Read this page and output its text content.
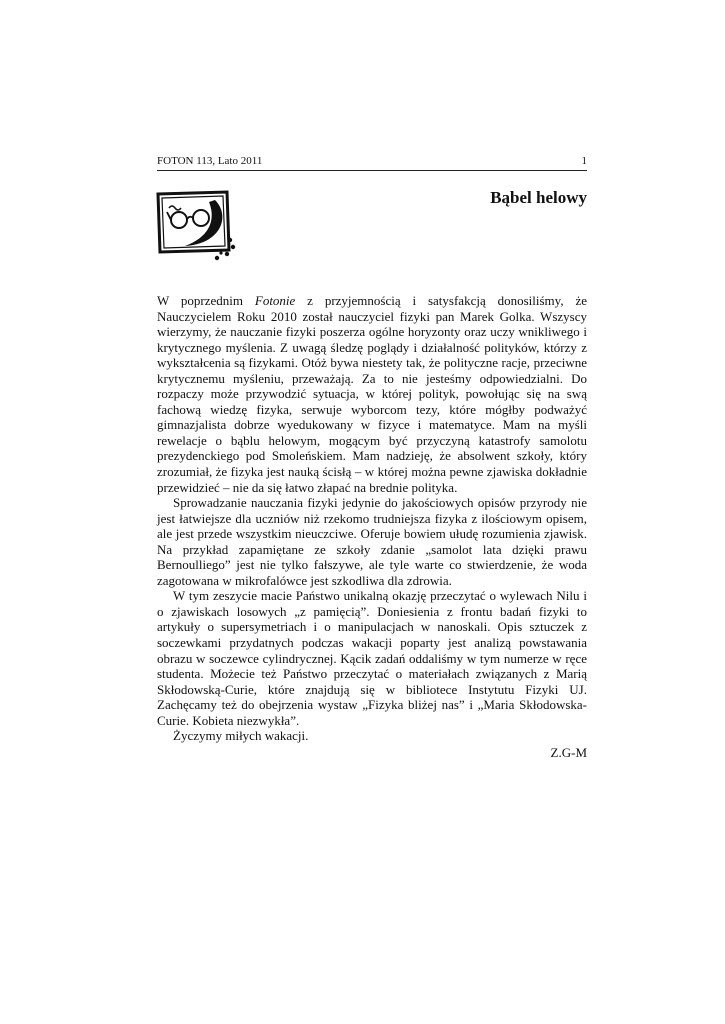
FOTON 113, Lato 2011	1
Bąbel helowy

W poprzednim Fotonie z przyjemnością i satysfakcją donosiliśmy, że Nauczycielem Roku 2010 został nauczyciel fizyki pan Marek Golka. Wszyscy wierzymy, że nauczanie fizyki poszerza ogólne horyzonty oraz uczy wnikliwego i krytycznego myślenia. Z uwagą śledzę poglądy i działalność polityków, którzy z wykształcenia są fizykami. Otóż bywa niestety tak, że polityczne racje, przeciwne krytycznemu myśleniu, przeważają. Za to nie jesteśmy odpowiedzialni. Do rozpaczy może przywodzić sytuacja, w której polityk, powołując się na swą fachową wiedzę fizyka, serwuje wyborcom tezy, które mógłby podważyć gimnazjalista dobrze wyedukowany w fizyce i matematyce. Mam na myśli rewelacje o bąblu helowym, mogącym być przyczyną katastrofy samolotu prezydenckiego pod Smoleńskiem. Mam nadzieję, że absolwent szkoły, który zrozumiał, że fizyka jest nauką ścisłą – w której można pewne zjawiska dokładnie przewidzieć – nie da się łatwo złapać na brednie polityka.

Sprowadzanie nauczania fizyki jedynie do jakościowych opisów przyrody nie jest łatwiejsze dla uczniów niż rzekomo trudniejsza fizyka z ilościowym opisem, ale jest przede wszystkim nieuczciwe. Oferuje bowiem ułudę rozumienia zjawisk. Na przykład zapamiętane ze szkoły zdanie „samolot lata dzięki prawu Bernoulliego” jest nie tylko fałszywe, ale tyle warte co stwierdzenie, że woda zagotowana w mikrofalówce jest szkodliwa dla zdrowia.

W tym zeszycie macie Państwo unikalną okazję przeczytać o wylewach Nilu i o zjawiskach losowych „z pamięcią”. Doniesienia z frontu badań fizyki to artykuły o supersymetriach i o manipulacjach w nanoskali. Opis sztuczek z soczewkami przydatnych podczas wakacji poparty jest analizą powstawania obrazu w soczewce cylindrycznej. Kącik zadań oddaliśmy w tym numerze w ręce studenta. Możecie też Państwo przeczytać o materiałach związanych z Marią Skłodowską-Curie, które znajdują się w bibliotece Instytutu Fizyki UJ. Zachęcamy też do obejrzenia wystaw „Fizyka bliżej nas” i „Maria Skłodowska-Curie. Kobieta niezwykła”.

Życzymy miłych wakacji.

Z.G-M
